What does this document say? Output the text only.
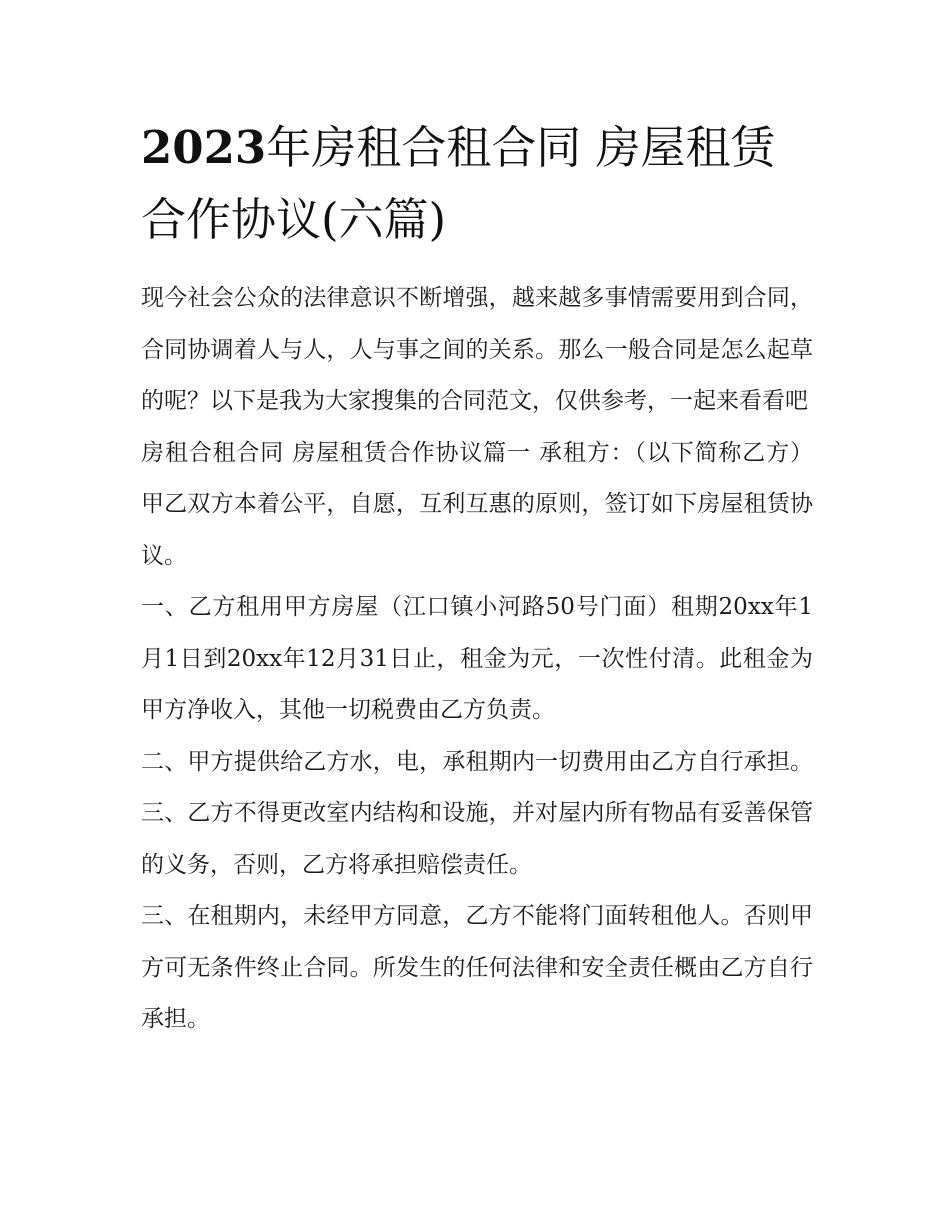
2023年房租合租合同 房屋租赁合作协议(六篇)

现今社会公众的法律意识不断增强，越来越多事情需要用到合同，合同协调着人与人，人与事之间的关系。那么一般合同是怎么起草的呢？以下是我为大家搜集的合同范文，仅供参考，一起来看看吧

房租合租合同 房屋租赁合作协议篇一 承租方：（以下简称乙方） 甲乙双方本着公平，自愿，互利互惠的原则，签订如下房屋租赁协议。

一、乙方租用甲方房屋（江口镇小河路50号门面）租期20xx年1月1日到20xx年12月31日止，租金为元，一次性付清。此租金为甲方净收入，其他一切税费由乙方负责。

二、甲方提供给乙方水，电，承租期内一切费用由乙方自行承担。 三、乙方不得更改室内结构和设施，并对屋内所有物品有妥善保管的义务，否则，乙方将承担赔偿责任。

三、在租期内，未经甲方同意，乙方不能将门面转租他人。否则甲方可无条件终止合同。所发生的任何法律和安全责任概由乙方自行承担。
